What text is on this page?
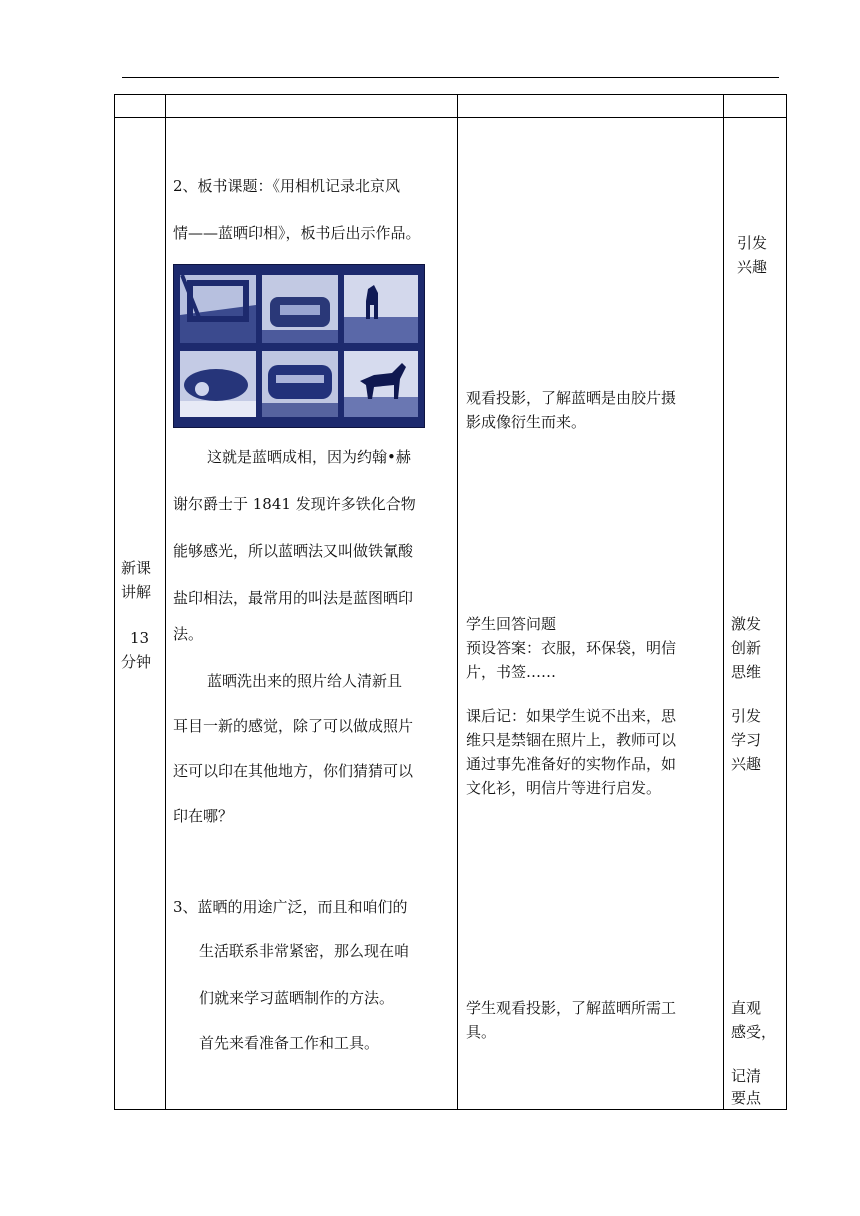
新课讲解
13
分钟
2、板书课题：《用相机记录北京风
情——蓝晒印相》，板书后出示作品。
这就是蓝晒成相，因为约翰•赫
谢尔爵士于 1841 发现许多铁化合物
能够感光，所以蓝晒法又叫做铁氰酸
盐印相法，最常用的叫法是蓝图晒印
法。
蓝晒洗出来的照片给人清新且
耳目一新的感觉，除了可以做成照片
还可以印在其他地方，你们猜猜可以
印在哪？
3、蓝晒的用途广泛，而且和咱们的
生活联系非常紧密，那么现在咱
们就来学习蓝晒制作的方法。
首先来看准备工作和工具。
观看投影，了解蓝晒是由胶片摄
影成像衍生而来。
学生回答问题
预设答案：衣服，环保袋，明信
片，书签……
课后记：如果学生说不出来，思
维只是禁锢在照片上，教师可以
通过事先准备好的实物作品，如
文化衫，明信片等进行启发。
学生观看投影，了解蓝晒所需工
具。
引发
兴趣
激发
创新
思维
引发
学习
兴趣
直观
感受，
记清
要点
